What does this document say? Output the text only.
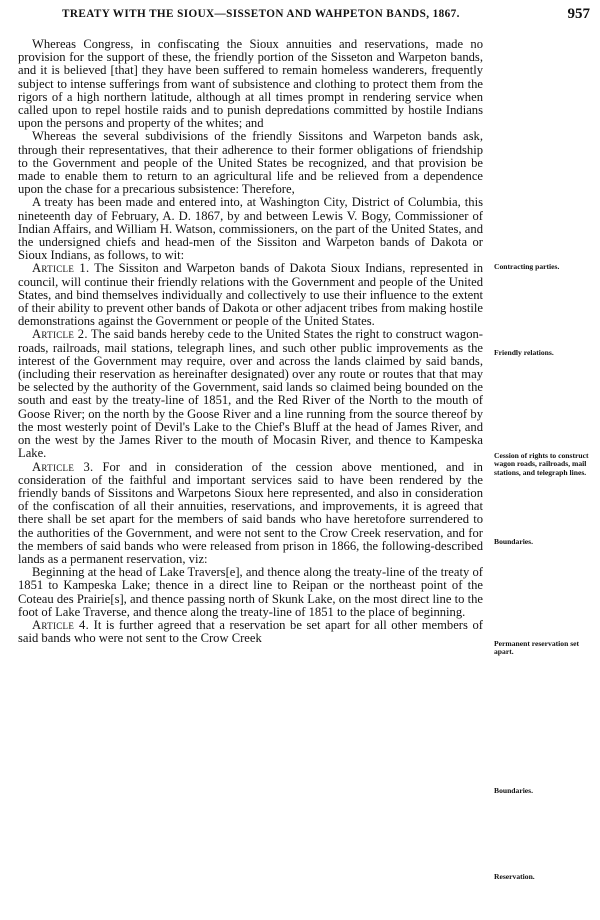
TREATY WITH THE SIOUX—SISSETON AND WAHPETON BANDS, 1867.	957

Whereas Congress, in confiscating the Sioux annuities and reservations, made no provision for the support of these, the friendly portion of the Sisseton and Warpeton bands, and it is believed [that] they have been suffered to remain homeless wanderers, frequently subject to intense sufferings from want of subsistence and clothing to protect them from the rigors of a high northern latitude, although at all times prompt in rendering service when called upon to repel hostile raids and to punish depredations committed by hostile Indians upon the persons and property of the whites; and

Whereas the several subdivisions of the friendly Sissitons and Warpeton bands ask, through their representatives, that their adherence to their former obligations of friendship to the Government and people of the United States be recognized, and that provision be made to enable them to return to an agricultural life and be relieved from a dependence upon the chase for a precarious subsistence: Therefore,

A treaty has been made and entered into, at Washington City, District of Columbia, this nineteenth day of February, A. D. 1867, by and between Lewis V. Bogy, Commissioner of Indian Affairs, and William H. Watson, commissioners, on the part of the United States, and the undersigned chiefs and head-men of the Sissiton and Warpeton bands of Dakota or Sioux Indians, as follows, to wit:

Article 1. The Sissiton and Warpeton bands of Dakota Sioux Indians, represented in council, will continue their friendly relations with the Government and people of the United States, and bind themselves individually and collectively to use their influence to the extent of their ability to prevent other bands of Dakota or other adjacent tribes from making hostile demonstrations against the Government or people of the United States.

Article 2. The said bands hereby cede to the United States the right to construct wagon-roads, railroads, mail stations, telegraph lines, and such other public improvements as the interest of the Government may require, over and across the lands claimed by said bands, (including their reservation as hereinafter designated) over any route or routes that that may be selected by the authority of the Government, said lands so claimed being bounded on the south and east by the treaty-line of 1851, and the Red River of the North to the mouth of Goose River; on the north by the Goose River and a line running from the source thereof by the most westerly point of Devil's Lake to the Chief's Bluff at the head of James River, and on the west by the James River to the mouth of Mocasin River, and thence to Kampeska Lake.

Article 3. For and in consideration of the cession above mentioned, and in consideration of the faithful and important services said to have been rendered by the friendly bands of Sissitons and Warpetons Sioux here represented, and also in consideration of the confiscation of all their annuities, reservations, and improvements, it is agreed that there shall be set apart for the members of said bands who have heretofore surrendered to the authorities of the Government, and were not sent to the Crow Creek reservation, and for the members of said bands who were released from prison in 1866, the following-described lands as a permanent reservation, viz:

Beginning at the head of Lake Travers[e], and thence along the treaty-line of the treaty of 1851 to Kampeska Lake; thence in a direct line to Reipan or the northeast point of the Coteau des Prairie[s], and thence passing north of Skunk Lake, on the most direct line to the foot of Lake Traverse, and thence along the treaty-line of 1851 to the place of beginning.

Article 4. It is further agreed that a reservation be set apart for all other members of said bands who were not sent to the Crow Creek

Contracting parties.
Friendly relations.
Cession of rights to construct wagon roads, railroads, mail stations, and telegraph lines.
Boundaries.
Permanent reservation set apart.
Boundaries.
Reservation.
